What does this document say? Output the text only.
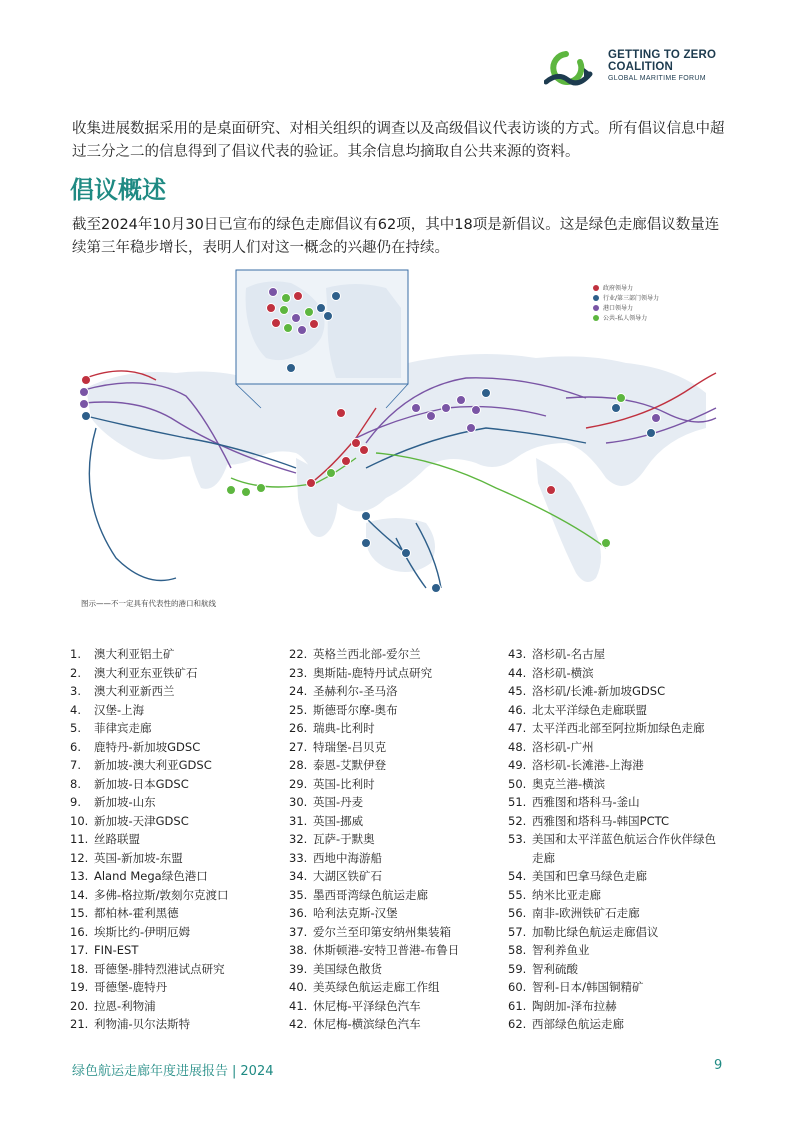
GETTING TO ZERO
COALITION
GLOBAL MARITIME FORUM
收集进展数据采用的是桌面研究、对相关组织的调查以及高级倡议代表访谈的方式。所有倡议信息中超过三分之二的信息得到了倡议代表的验证。其余信息均摘取自公共来源的资料。
倡议概述
截至2024年10月30日已宣布的绿色走廊倡议有62项，其中18项是新倡议。这是绿色走廊倡议数量连续第三年稳步增长，表明人们对这一概念的兴趣仍在持续。
政府领导力
行业/第三部门领导力
港口领导力
公共-私人领导力
图示——不一定具有代表性的港口和航线
1.	澳大利亚铝土矿
2.	澳大利亚东亚铁矿石
3.	澳大利亚新西兰
4.	汉堡-上海
5.	菲律宾走廊
6.	鹿特丹-新加坡GDSC
7.	新加坡-澳大利亚GDSC
8.	新加坡-日本GDSC
9.	新加坡-山东
10. 新加坡-天津GDSC
11. 丝路联盟
12. 英国-新加坡-东盟
13. Aland Mega绿色港口
14. 多佛-格拉斯/敦刻尔克渡口
15. 都柏林-霍利黑德
16. 埃斯比约-伊明厄姆
17. FIN-EST
18. 哥德堡-腓特烈港试点研究
19. 哥德堡-鹿特丹
20. 拉恩-利物浦
21. 利物浦-贝尔法斯特
22. 英格兰西北部-爱尔兰
23. 奥斯陆-鹿特丹试点研究
24. 圣赫利尔-圣马洛
25. 斯德哥尔摩-奥布
26. 瑞典-比利时
27. 特瑞堡-吕贝克
28. 泰恩-艾默伊登
29. 英国-比利时
30. 英国-丹麦
31. 英国-挪威
32. 瓦萨-于默奥
33. 西地中海游船
34. 大湖区铁矿石
35. 墨西哥湾绿色航运走廊
36. 哈利法克斯-汉堡
37. 爱尔兰至印第安纳州集装箱
38. 休斯顿港-安特卫普港-布鲁日
39. 美国绿色散货
40. 美英绿色航运走廊工作组
41. 休尼梅-平泽绿色汽车
42. 休尼梅-横滨绿色汽车
43. 洛杉矶-名古屋
44. 洛杉矶-横滨
45. 洛杉矶/长滩-新加坡GDSC
46. 北太平洋绿色走廊联盟
47. 太平洋西北部至阿拉斯加绿色走廊
48. 洛杉矶-广州
49. 洛杉矶-长滩港-上海港
50. 奥克兰港-横滨
51. 西雅图和塔科马-釜山
52. 西雅图和塔科马-韩国PCTC
53. 美国和太平洋蓝色航运合作伙伴绿色走廊
54. 美国和巴拿马绿色走廊
55. 纳米比亚走廊
56. 南非-欧洲铁矿石走廊
57. 加勒比绿色航运走廊倡议
58. 智利养鱼业
59. 智利硫酸
60. 智利-日本/韩国铜精矿
61. 陶朗加-泽布拉赫
62. 西部绿色航运走廊
绿色航运走廊年度进展报告 | 2024	9
